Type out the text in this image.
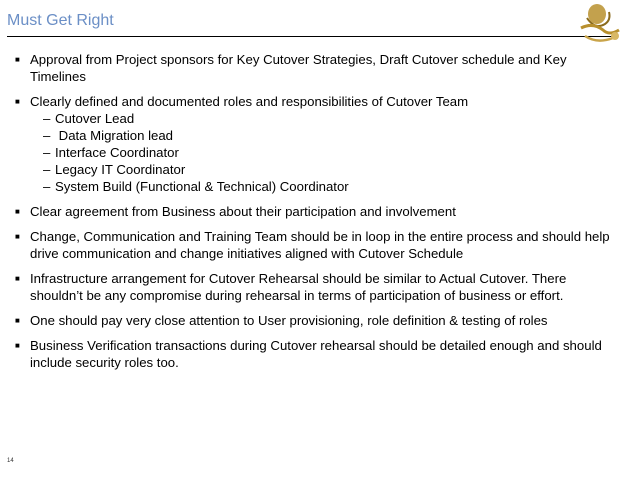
Must Get Right
■ Approval from Project sponsors for Key Cutover Strategies, Draft Cutover schedule and Key Timelines
■ Clearly defined and documented roles and responsibilities of Cutover Team
– Cutover Lead
– Data Migration lead
– Interface Coordinator
– Legacy IT Coordinator
– System Build (Functional & Technical) Coordinator
■ Clear agreement from Business about their participation and involvement
■ Change, Communication and Training Team should be in loop in the entire process and should help drive communication and change initiatives aligned with Cutover Schedule
■ Infrastructure arrangement for Cutover Rehearsal should be similar to Actual Cutover. There shouldn’t be any compromise during rehearsal in terms of participation of business or effort.
■ One should pay very close attention to User provisioning, role definition & testing of roles
■ Business Verification transactions during Cutover rehearsal should be detailed enough and should include security roles too.
14
